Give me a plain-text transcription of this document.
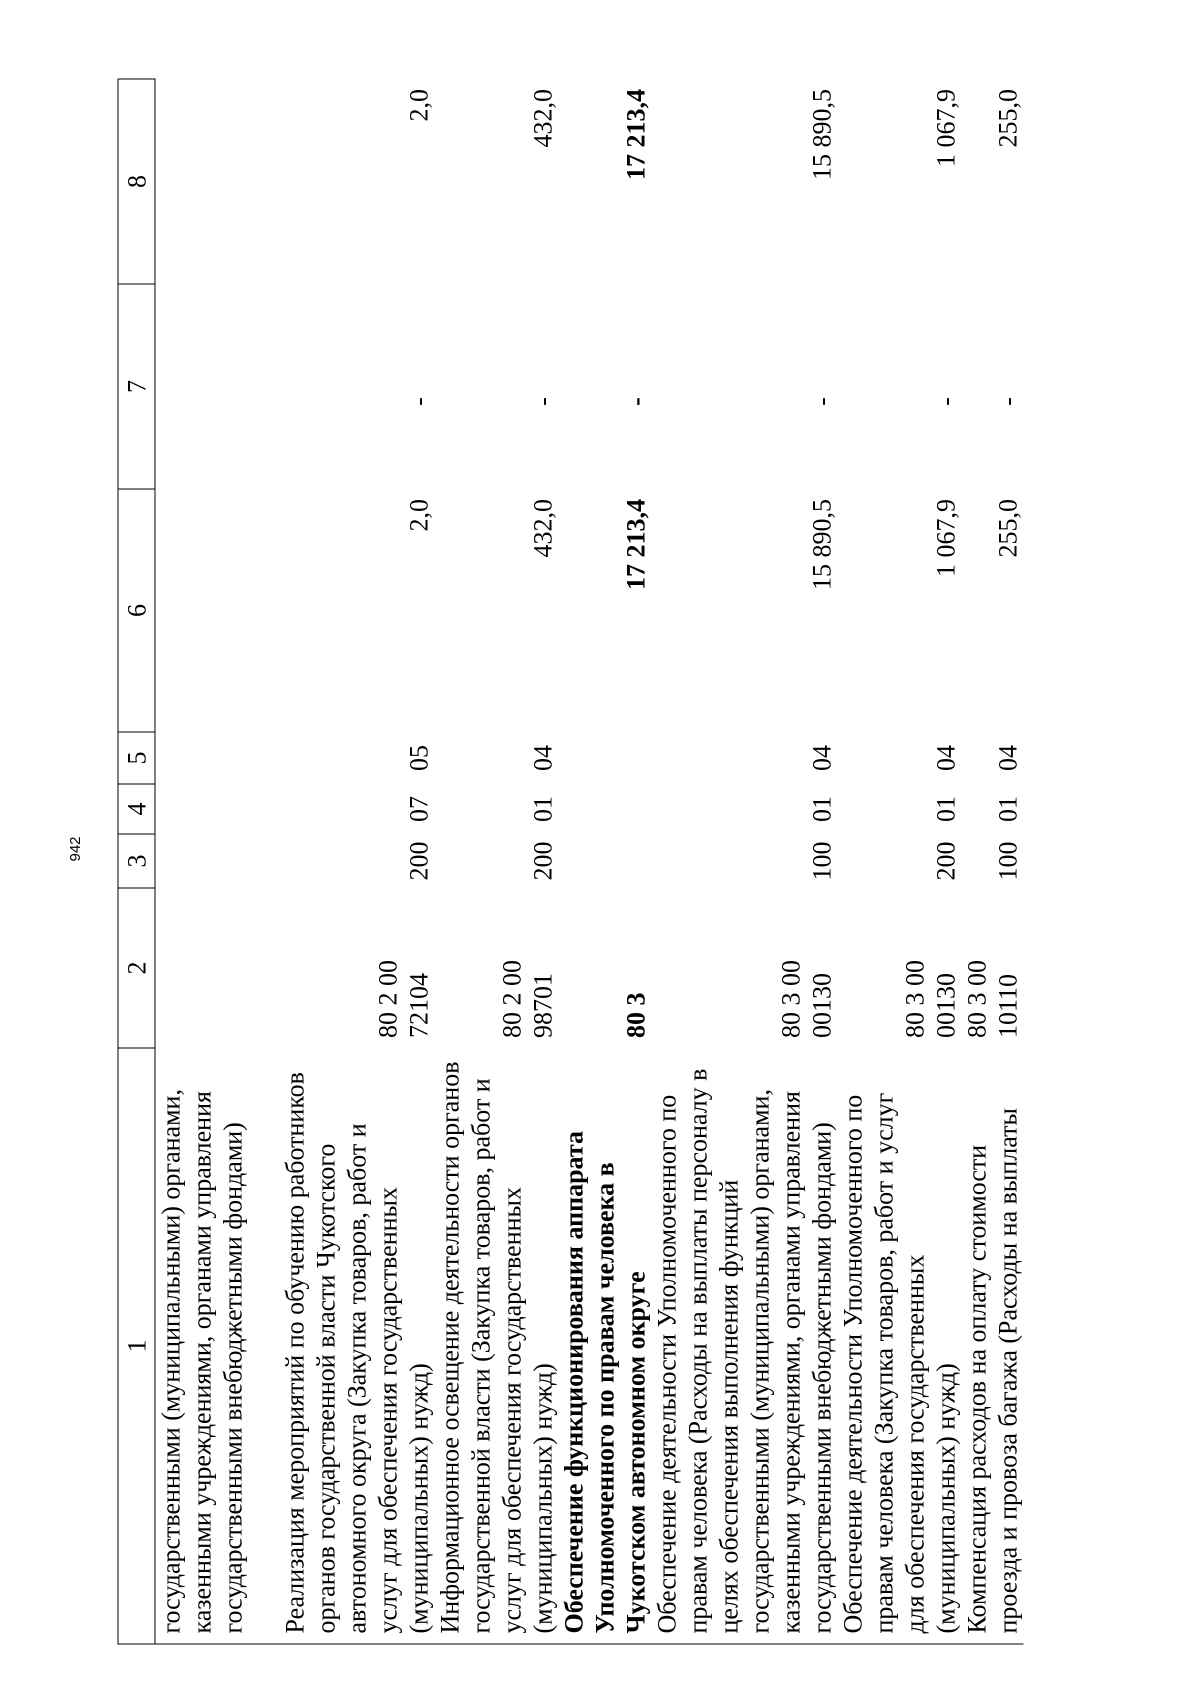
942
1	2	3	4	5	6	7	8
государственными (муниципальными) органами, казенными учреждениями, органами управления государственными внебюджетными фондами)							
Реализация мероприятий по обучению работников органов государственной власти Чукотского автономного округа (Закупка товаров, работ и услуг для обеспечения государственных (муниципальных) нужд)	80 2 00 72104	200	07	05	2,0	-	2,0
Информационное освещение деятельности органов государственной власти (Закупка товаров, работ и услуг для обеспечения государственных (муниципальных) нужд)	80 2 00 98701	200	01	04	432,0	-	432,0
Обеспечение функционирования аппарата Уполномоченного по правам человека в Чукотском автономном округе	80 3				17 213,4	-	17 213,4
Обеспечение деятельности Уполномоченного по правам человека (Расходы на выплаты персоналу в целях обеспечения выполнения функций государственными (муниципальными) органами, казенными учреждениями, органами управления государственными внебюджетными фондами)	80 3 00 00130	100	01	04	15 890,5	-	15 890,5
Обеспечение деятельности Уполномоченного по правам человека (Закупка товаров, работ и услуг для обеспечения государственных (муниципальных) нужд)	80 3 00 00130	200	01	04	1 067,9	-	1 067,9
Компенсация расходов на оплату стоимости проезда и провоза багажа (Расходы на выплаты	80 3 00 10110	100	01	04	255,0	-	255,0
